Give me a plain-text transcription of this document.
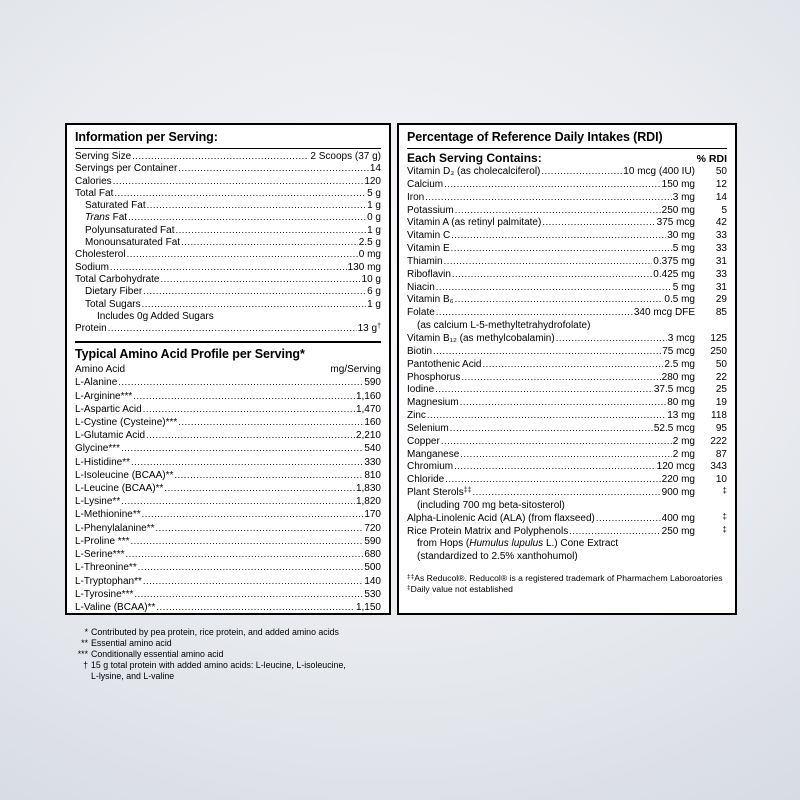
Information per Serving:
Serving Size .....	2 Scoops (37 g)
Servings per Container .....	14
Calories .....	120
Total Fat .....	5 g
Saturated Fat .....	1 g
Trans Fat .....	0 g
Polyunsaturated Fat .....	1 g
Monounsaturated Fat .....	2.5 g
Cholesterol .....	0 mg
Sodium .....	130 mg
Total Carbohydrate .....	10 g
Dietary Fiber .....	6 g
Total Sugars .....	1 g
Includes 0g Added Sugars
Protein .....	13 g†
Typical Amino Acid Profile per Serving*
Amino Acid	mg/Serving
L-Alanine .....	590
L-Arginine*** .....	1,160
L-Aspartic Acid .....	1,470
L-Cystine (Cysteine)*** .....	160
L-Glutamic Acid .....	2,210
Glycine*** .....	540
L-Histidine** .....	330
L-Isoleucine (BCAA)** .....	810
L-Leucine (BCAA)** .....	1,830
L-Lysine** .....	1,820
L-Methionine** .....	170
L-Phenylalanine** .....	720
L-Proline *** .....	590
L-Serine*** .....	680
L-Threonine** .....	500
L-Tryptophan** .....	140
L-Tyrosine*** .....	530
L-Valine (BCAA)** .....	1,150
Percentage of Reference Daily Intakes (RDI)
Each Serving Contains:	% RDI
Vitamin D₃ (as cholecalciferol) .....	10 mcg (400 IU)	50
Calcium .....	150 mg	12
Iron .....	3 mg	14
Potassium .....	250 mg	5
Vitamin A (as retinyl palmitate) .....	375 mcg	42
Vitamin C .....	30 mg	33
Vitamin E .....	5 mg	33
Thiamin .....	0.375 mg	31
Riboflavin .....	0.425 mg	33
Niacin .....	5 mg	31
Vitamin B₆ .....	0.5 mg	29
Folate .....	340 mcg DFE	85
(as calcium L-5-methyltetrahydrofolate)
Vitamin B₁₂ (as methylcobalamin) .....	3 mcg	125
Biotin .....	75 mcg	250
Pantothenic Acid .....	2.5 mg	50
Phosphorus .....	280 mg	22
Iodine .....	37.5 mcg	25
Magnesium .....	80 mg	19
Zinc .....	13 mg	118
Selenium .....	52.5 mcg	95
Copper .....	2 mg	222
Manganese .....	2 mg	87
Chromium .....	120 mcg	343
Chloride .....	220 mg	10
Plant Sterols‡‡ .....	900 mg	‡
(including 700 mg beta-sitosterol)
Alpha-Linolenic Acid (ALA) (from flaxseed) .....	400 mg	‡
Rice Protein Matrix and Polyphenols .....	250 mg	‡
from Hops (Humulus lupulus L.) Cone Extract
(standardized to 2.5% xanthohumol)
‡‡As Reducol®. Reducol® is a registered trademark of Pharmachem Laboroatories
‡Daily value not established
* Contributed by pea protein, rice protein, and added amino acids
** Essential amino acid
*** Conditionally essential amino acid
† 15 g total protein with added amino acids: L-leucine, L-isoleucine,
L-lysine, and L-valine
